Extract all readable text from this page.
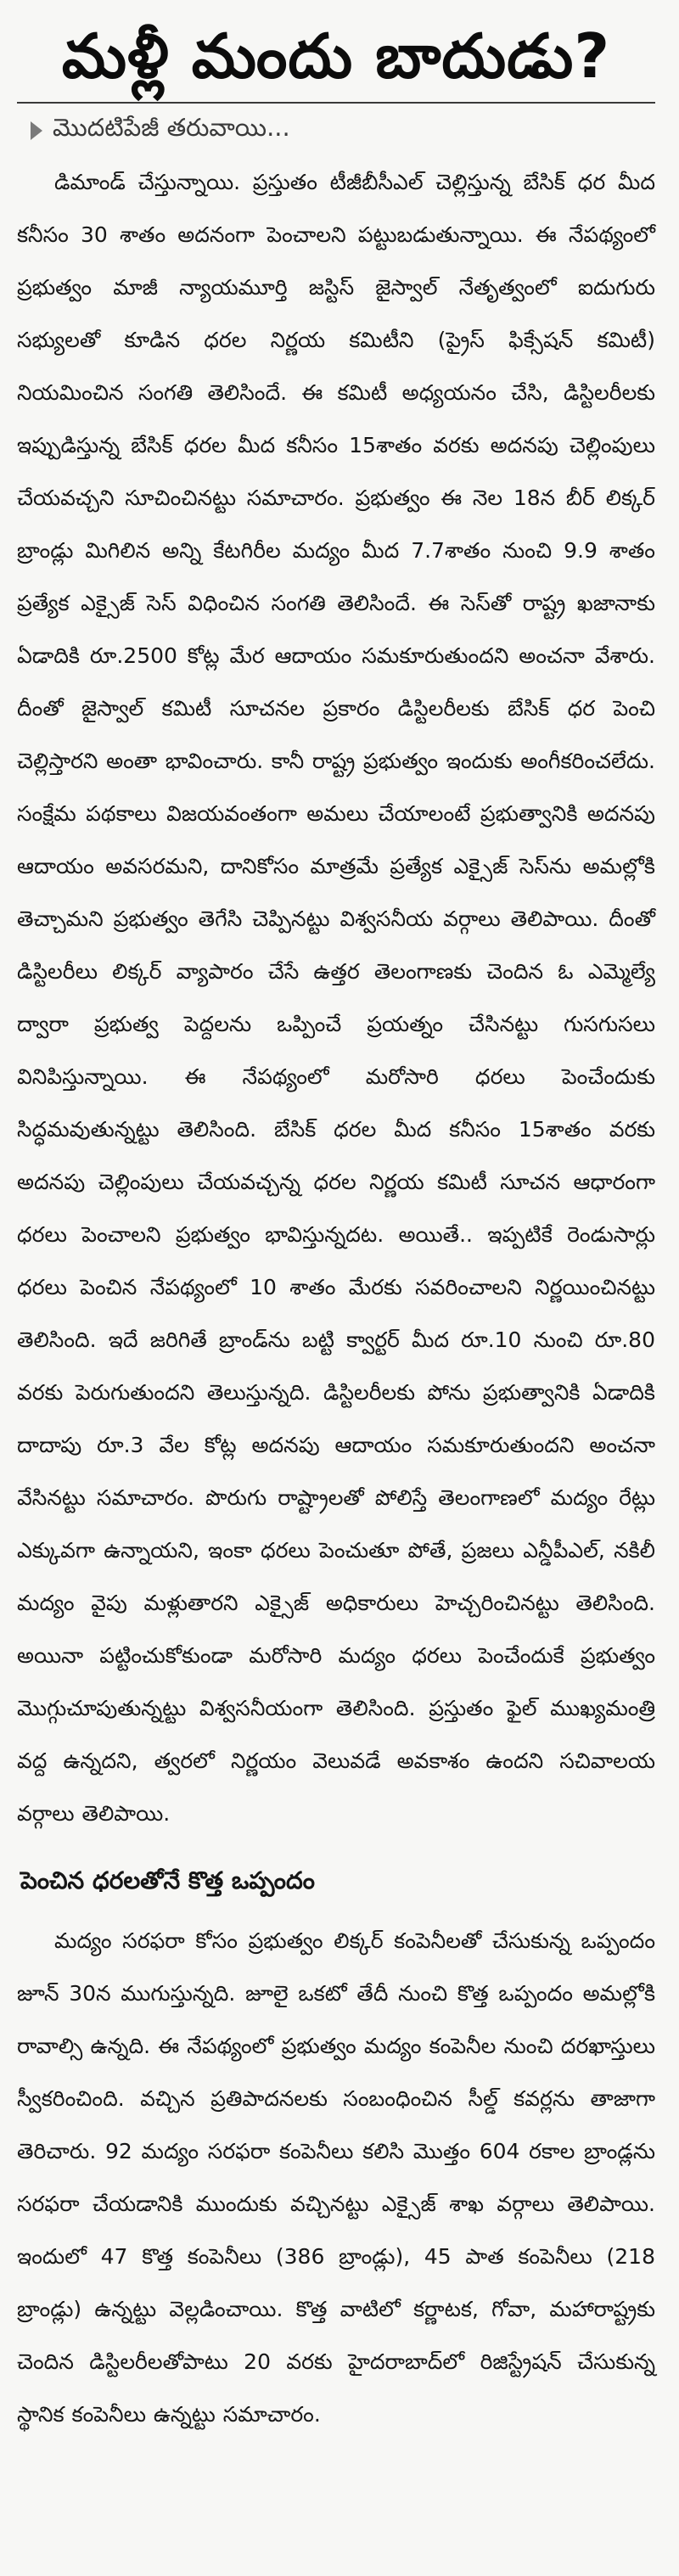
మళ్లీ మందు బాదుడు?
మొదటిపేజీ తరువాయి...

డిమాండ్ చేస్తున్నాయి. ప్రస్తుతం టీజీబీసీఎల్ చెల్లిస్తున్న బేసిక్ ధర మీద కనీసం 30 శాతం అదనంగా పెంచాలని పట్టుబడుతున్నాయి. ఈ నేపథ్యంలో ప్రభుత్వం మాజీ న్యాయమూర్తి జస్టిస్ జైస్వాల్ నేతృత్వంలో ఐదుగురు సభ్యులతో కూడిన ధరల నిర్ణయ కమిటీని (ప్రైస్ ఫిక్సేషన్ కమిటీ) నియమించిన సంగతి తెలిసిందే. ఈ కమిటీ అధ్యయనం చేసి, డిస్టిలరీలకు ఇప్పుడిస్తున్న బేసిక్ ధరల మీద కనీసం 15శాతం వరకు అదనపు చెల్లింపులు చేయవచ్చని సూచించినట్టు సమాచారం. ప్రభుత్వం ఈ నెల 18న బీర్ లిక్కర్ బ్రాండ్లు మిగిలిన అన్ని కేటగిరీల మద్యం మీద 7.7శాతం నుంచి 9.9 శాతం ప్రత్యేక ఎక్సైజ్ సెస్ విధించిన సంగతి తెలిసిందే. ఈ సెస్‌తో రాష్ట్ర ఖజానాకు ఏడాదికి రూ.2500 కోట్ల మేర ఆదాయం సమకూరుతుందని అంచనా వేశారు. దీంతో జైస్వాల్ కమిటీ సూచనల ప్రకారం డిస్టిలరీలకు బేసిక్ ధర పెంచి చెల్లిస్తారని అంతా భావించారు. కానీ రాష్ట్ర ప్రభుత్వం ఇందుకు అంగీకరించలేదు. సంక్షేమ పథకాలు విజయవంతంగా అమలు చేయాలంటే ప్రభుత్వానికి అదనపు ఆదాయం అవసరమని, దానికోసం మాత్రమే ప్రత్యేక ఎక్సైజ్ సెస్‌ను అమల్లోకి తెచ్చామని ప్రభుత్వం తెగేసి చెప్పినట్టు విశ్వసనీయ వర్గాలు తెలిపాయి. దీంతో డిస్టిలరీలు లిక్కర్ వ్యాపారం చేసే ఉత్తర తెలంగాణకు చెందిన ఓ ఎమ్మెల్యే ద్వారా ప్రభుత్వ పెద్దలను ఒప్పించే ప్రయత్నం చేసినట్టు గుసగుసలు వినిపిస్తున్నాయి. ఈ నేపథ్యంలో మరోసారి ధరలు పెంచేందుకు సిద్ధమవుతున్నట్టు తెలిసింది. బేసిక్ ధరల మీద కనీసం 15శాతం వరకు అదనపు చెల్లింపులు చేయవచ్చన్న ధరల నిర్ణయ కమిటీ సూచన ఆధారంగా ధరలు పెంచాలని ప్రభుత్వం భావిస్తున్నదట. అయితే.. ఇప్పటికే రెండుసార్లు ధరలు పెంచిన నేపథ్యంలో 10 శాతం మేరకు సవరించాలని నిర్ణయించినట్టు తెలిసింది. ఇదే జరిగితే బ్రాండ్‌ను బట్టి క్వార్టర్ మీద రూ.10 నుంచి రూ.80 వరకు పెరుగుతుందని తెలుస్తున్నది. డిస్టిలరీలకు పోను ప్రభుత్వానికి ఏడాదికి దాదాపు రూ.3 వేల కోట్ల అదనపు ఆదాయం సమకూరుతుందని అంచనా వేసినట్టు సమాచారం. పొరుగు రాష్ట్రాలతో పోలిస్తే తెలంగాణలో మద్యం రేట్లు ఎక్కువగా ఉన్నాయని, ఇంకా ధరలు పెంచుతూ పోతే, ప్రజలు ఎన్డీపీఎల్, నకిలీ మద్యం వైపు మళ్లుతారని ఎక్సైజ్ అధికారులు హెచ్చరించినట్టు తెలిసింది. అయినా పట్టించుకోకుండా మరోసారి మద్యం ధరలు పెంచేందుకే ప్రభుత్వం మొగ్గుచూపుతున్నట్టు విశ్వసనీయంగా తెలిసింది. ప్రస్తుతం ఫైల్ ముఖ్యమంత్రి వద్ద ఉన్నదని, త్వరలో నిర్ణయం వెలువడే అవకాశం ఉందని సచివాలయ వర్గాలు తెలిపాయి.

పెంచిన ధరలతోనే కొత్త ఒప్పందం

మద్యం సరఫరా కోసం ప్రభుత్వం లిక్కర్ కంపెనీలతో చేసుకున్న ఒప్పందం జూన్ 30న ముగుస్తున్నది. జూలై ఒకటో తేదీ నుంచి కొత్త ఒప్పందం అమల్లోకి రావాల్సి ఉన్నది. ఈ నేపథ్యంలో ప్రభుత్వం మద్యం కంపెనీల నుంచి దరఖాస్తులు స్వీకరించింది. వచ్చిన ప్రతిపాదనలకు సంబంధించిన సీల్డ్ కవర్లను తాజాగా తెరిచారు. 92 మద్యం సరఫరా కంపెనీలు కలిసి మొత్తం 604 రకాల బ్రాండ్లను సరఫరా చేయడానికి ముందుకు వచ్చినట్టు ఎక్సైజ్ శాఖ వర్గాలు తెలిపాయి. ఇందులో 47 కొత్త కంపెనీలు (386 బ్రాండ్లు), 45 పాత కంపెనీలు (218 బ్రాండ్లు) ఉన్నట్టు వెల్లడించాయి. కొత్త వాటిలో కర్ణాటక, గోవా, మహారాష్ట్రకు చెందిన డిస్టిలరీలతోపాటు 20 వరకు హైదరాబాద్‌లో రిజిస్ట్రేషన్ చేసుకున్న స్థానిక కంపెనీలు ఉన్నట్టు సమాచారం.
